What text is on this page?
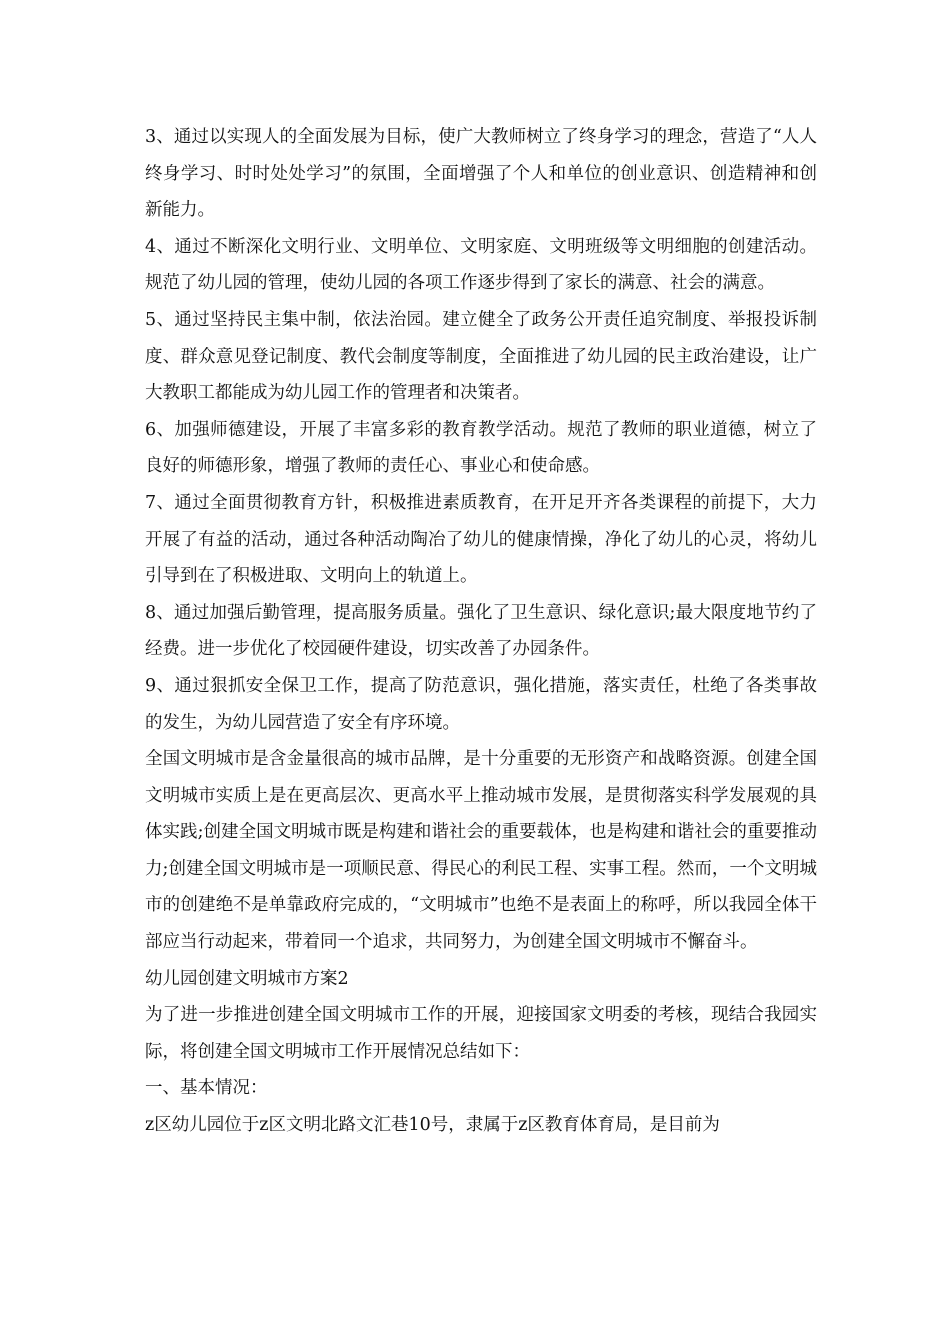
3、通过以实现人的全面发展为目标，使广大教师树立了终身学习的理念，营造了“人人终身学习、时时处处学习”的氛围，全面增强了个人和单位的创业意识、创造精神和创新能力。

4、通过不断深化文明行业、文明单位、文明家庭、文明班级等文明细胞的创建活动。规范了幼儿园的管理，使幼儿园的各项工作逐步得到了家长的满意、社会的满意。

5、通过坚持民主集中制，依法治园。建立健全了政务公开责任追究制度、举报投诉制度、群众意见登记制度、教代会制度等制度，全面推进了幼儿园的民主政治建设，让广大教职工都能成为幼儿园工作的管理者和决策者。

6、加强师德建设，开展了丰富多彩的教育教学活动。规范了教师的职业道德，树立了良好的师德形象，增强了教师的责任心、事业心和使命感。

7、通过全面贯彻教育方针，积极推进素质教育，在开足开齐各类课程的前提下，大力开展了有益的活动，通过各种活动陶冶了幼儿的健康情操，净化了幼儿的心灵，将幼儿引导到在了积极进取、文明向上的轨道上。

8、通过加强后勤管理，提高服务质量。强化了卫生意识、绿化意识;最大限度地节约了经费。进一步优化了校园硬件建设，切实改善了办园条件。

9、通过狠抓安全保卫工作，提高了防范意识，强化措施，落实责任，杜绝了各类事故的发生，为幼儿园营造了安全有序环境。

全国文明城市是含金量很高的城市品牌，是十分重要的无形资产和战略资源。创建全国文明城市实质上是在更高层次、更高水平上推动城市发展，是贯彻落实科学发展观的具体实践;创建全国文明城市既是构建和谐社会的重要载体，也是构建和谐社会的重要推动力;创建全国文明城市是一项顺民意、得民心的利民工程、实事工程。然而，一个文明城市的创建绝不是单靠政府完成的，“文明城市”也绝不是表面上的称呼，所以我园全体干部应当行动起来，带着同一个追求，共同努力，为创建全国文明城市不懈奋斗。

幼儿园创建文明城市方案2

为了进一步推进创建全国文明城市工作的开展，迎接国家文明委的考核，现结合我园实际，将创建全国文明城市工作开展情况总结如下：

一、基本情况：

z区幼儿园位于z区文明北路文汇巷10号，隶属于z区教育体育局，是目前为
